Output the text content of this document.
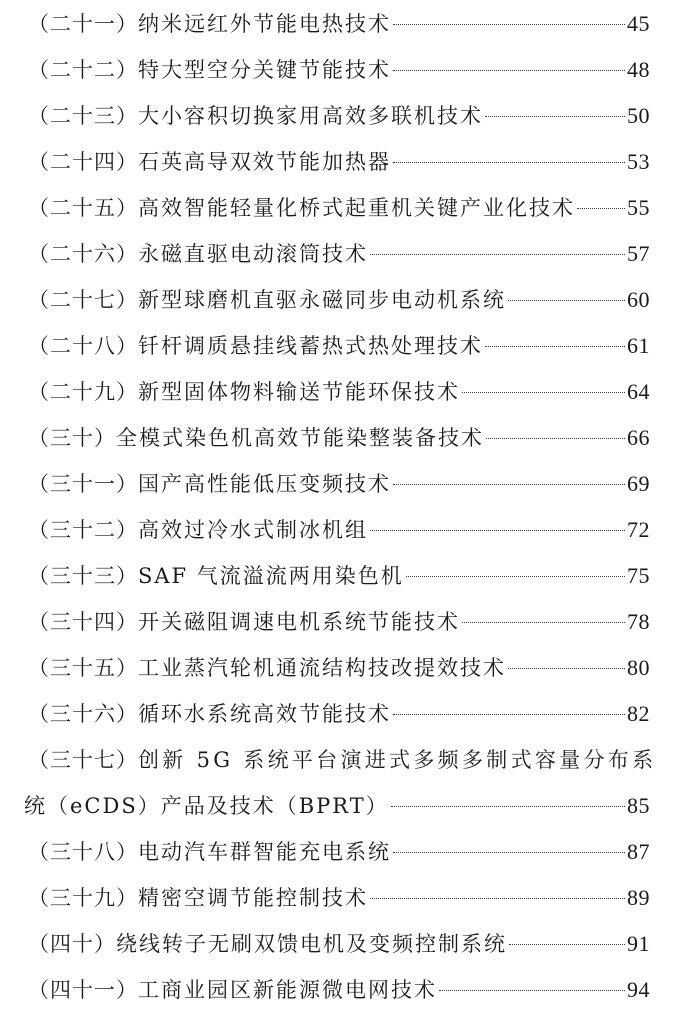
（二十一） 纳米远红外节能电热技术	45
（二十二） 特大型空分关键节能技术	48
（二十三） 大小容积切换家用高效多联机技术	50
（二十四） 石英高导双效节能加热器	53
（二十五） 高效智能轻量化桥式起重机关键产业化技术 55
（二十六） 永磁直驱电动滚筒技术	57
（二十七） 新型球磨机直驱永磁同步电动机系统	60
（二十八） 钎杆调质悬挂线蓄热式热处理技术	61
（二十九） 新型固体物料输送节能环保技术	64
（三十） 全模式染色机高效节能染整装备技术	66
（三十一） 国产高性能低压变频技术	69
（三十二） 高效过冷水式制冰机组	72
（三十三） SAF 气流溢流两用染色机	75
（三十四） 开关磁阻调速电机系统节能技术	78
（三十五） 工业蒸汽轮机通流结构技改提效技术	80
（三十六） 循环水系统高效节能技术	82
（三十七） 创新 5G 系统平台演进式多频多制式容量分布系
统（eCDS）产品及技术（BPRT）	85
（三十八） 电动汽车群智能充电系统	87
（三十九） 精密空调节能控制技术	89
（四十） 绕线转子无刷双馈电机及变频控制系统	91
（四十一） 工商业园区新能源微电网技术	94
